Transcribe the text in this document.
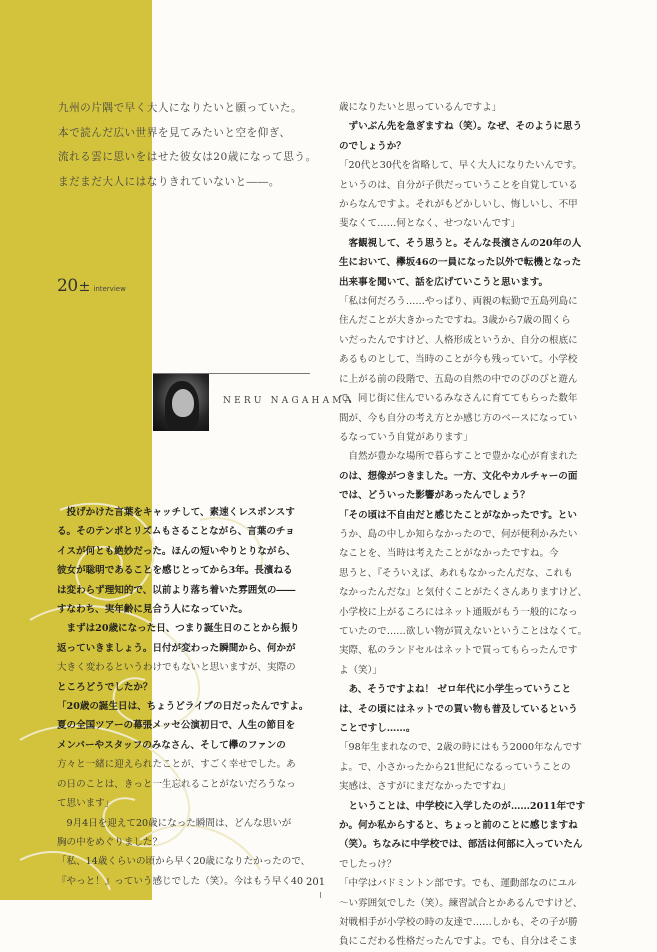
九州の片隅で早く大人になりたいと願っていた。
本で読んだ広い世界を見てみたいと空を仰ぎ、
流れる雲に思いをはせた彼女は20歳になって思う。
まだまだ大人にはなりきれていないと――。
20 ± interview
NERU NAGAHAMA
　投げかけた言葉をキャッチして、素速くレスポンスす
る。そのテンポとリズムもさることながら、言葉のチョ
イスが何とも絶妙だった。ほんの短いやりとりながら、
彼女が聡明であることを感じとってから3年。長濱ねる
は変わらず理知的で、以前より落ち着いた雰囲気の――
すなわち、実年齢に見合う人になっていた。
　まずは20歳になった日、つまり誕生日のことから振り
返っていきましょう。日付が変わった瞬間から、何かが
大きく変わるというわけでもないと思いますが、実際の
ところどうでしたか？
「20歳の誕生日は、ちょうどライブの日だったんですよ。
夏の全国ツアーの幕張メッセ公演初日で、人生の節目を
メンバーやスタッフのみなさん、そして欅のファンの
方々と一緒に迎えられたことが、すごく幸せでした。あ
の日のことは、きっと一生忘れることがないだろうなっ
て思います」
　9月4日を迎えて20歳になった瞬間は、どんな思いが
胸の中をめぐりました？
「私、14歳くらいの頃から早く20歳になりたかったので、
『やっと！』っていう感じでした（笑）。今はもう早く40
歳になりたいと思っているんですよ」
　ずいぶん先を急ぎますね（笑）。なぜ、そのように思う
のでしょうか？
「20代と30代を省略して、早く大人になりたいんです。
というのは、自分が子供だっていうことを自覚している
からなんですよ。それがもどかしいし、悔しいし、不甲
斐なくて……何となく、せつないんです」
　客観視して、そう思うと。そんな長濱さんの20年の人
生において、欅坂46の一員になった以外で転機となった
出来事を聞いて、話を広げていこうと思います。
「私は何だろう……やっぱり、両親の転勤で五島列島に
住んだことが大きかったですね。3歳から7歳の間くら
いだったんですけど、人格形成というか、自分の根底に
あるものとして、当時のことが今も残っていて。小学校
に上がる前の段階で、五島の自然の中でのびのびと遊ん
で、同じ街に住んでいるみなさんに育ててもらった数年
間が、今も自分の考え方とか感じ方のベースになってい
るなっていう自覚があります」
　自然が豊かな場所で暮らすことで豊かな心が育まれた
のは、想像がつきました。一方、文化やカルチャーの面
では、どういった影響があったんでしょう？
「その頃は不自由だと感じたことがなかったです。とい
うか、島の中しか知らなかったので、何が便利かみたい
なことを、当時は考えたことがなかったですね。今
思うと、『そういえば、あれもなかったんだな、これも
なかったんだな』と気付くことがたくさんありますけど、
小学校に上がるころにはネット通販がもう一般的になっ
ていたので……欲しい物が買えないということはなくて。
実際、私のランドセルはネットで買ってもらったんです
よ（笑）」
　あ、そうですよね！ ゼロ年代に小学生っていうこと
は、その頃にはネットでの買い物も普及しているという
ことですし……。
「98年生まれなので、2歳の時にはもう2000年なんです
よ。で、小さかったから21世紀になるっていうことの
実感は、さすがにまだなかったですね」
　ということは、中学校に入学したのが……2011年です
か。何か私からすると、ちょっと前のことに感じますね
（笑）。ちなみに中学校では、部活は何部に入っていたん
でしたっけ？
「中学はバドミントン部です。でも、運動部なのにユル
～い雰囲気でした（笑）。練習試合とかあるんですけど、
対戦相手が小学校の時の友達で……しかも、その子が勝
負にこだわる性格だったんですよ。でも、自分はそこま
201
